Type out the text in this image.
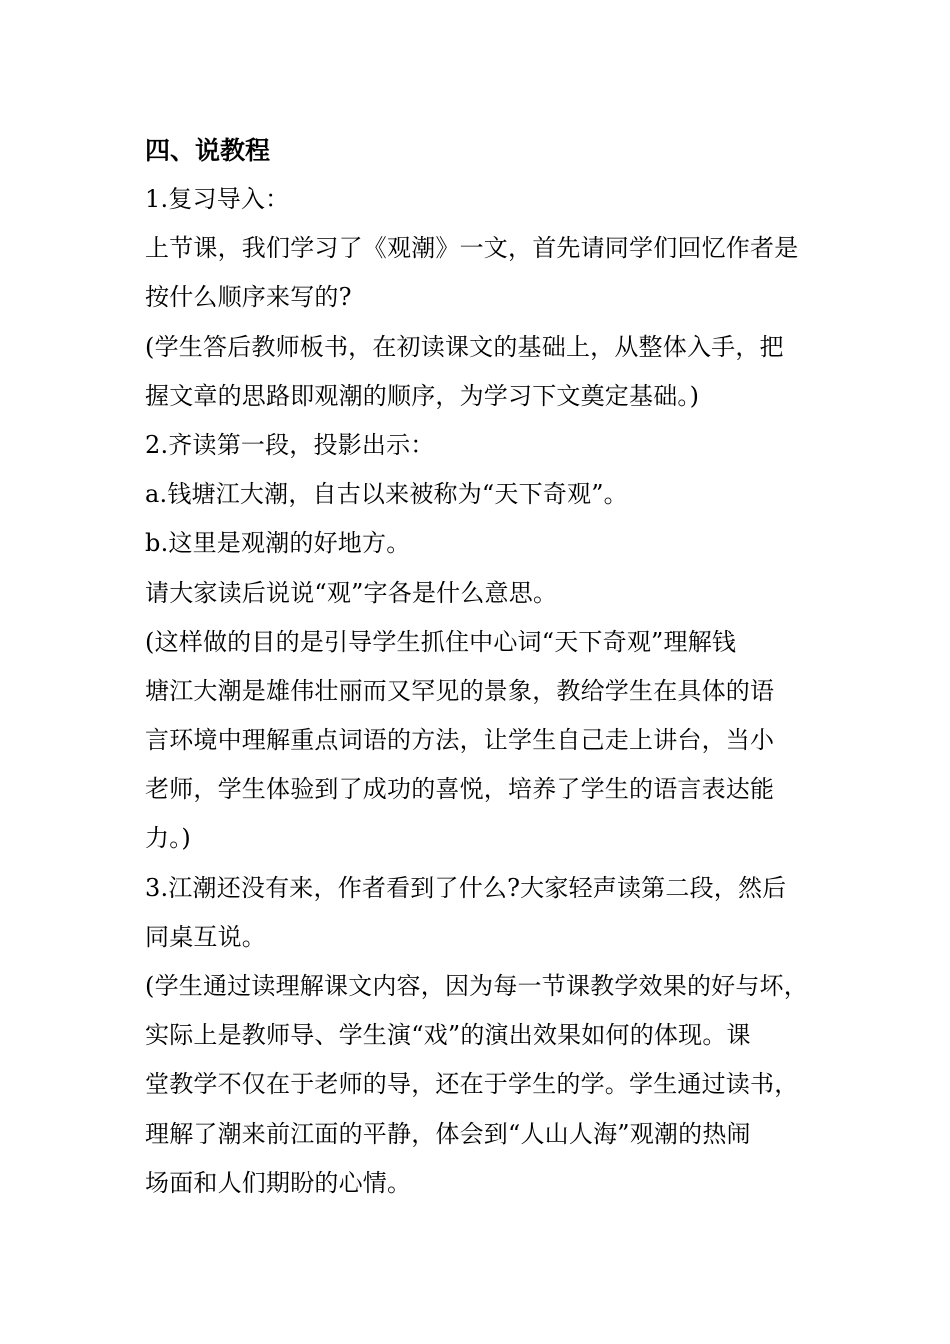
四、说教程
1.复习导入：
上节课，我们学习了《观潮》一文，首先请同学们回忆作者是
按什么顺序来写的?
(学生答后教师板书，在初读课文的基础上，从整体入手，把
握文章的思路即观潮的顺序，为学习下文奠定基础。)
2.齐读第一段，投影出示：
a.钱塘江大潮，自古以来被称为“天下奇观”。
b.这里是观潮的好地方。
请大家读后说说“观”字各是什么意思。
(这样做的目的是引导学生抓住中心词“天下奇观”理解钱
塘江大潮是雄伟壮丽而又罕见的景象，教给学生在具体的语
言环境中理解重点词语的方法，让学生自己走上讲台，当小
老师，学生体验到了成功的喜悦，培养了学生的语言表达能
力。)
3.江潮还没有来，作者看到了什么?大家轻声读第二段，然后
同桌互说。
(学生通过读理解课文内容，因为每一节课教学效果的好与坏，
实际上是教师导、学生演“戏”的演出效果如何的体现。课
堂教学不仅在于老师的导，还在于学生的学。学生通过读书，
理解了潮来前江面的平静，体会到“人山人海”观潮的热闹
场面和人们期盼的心情。
